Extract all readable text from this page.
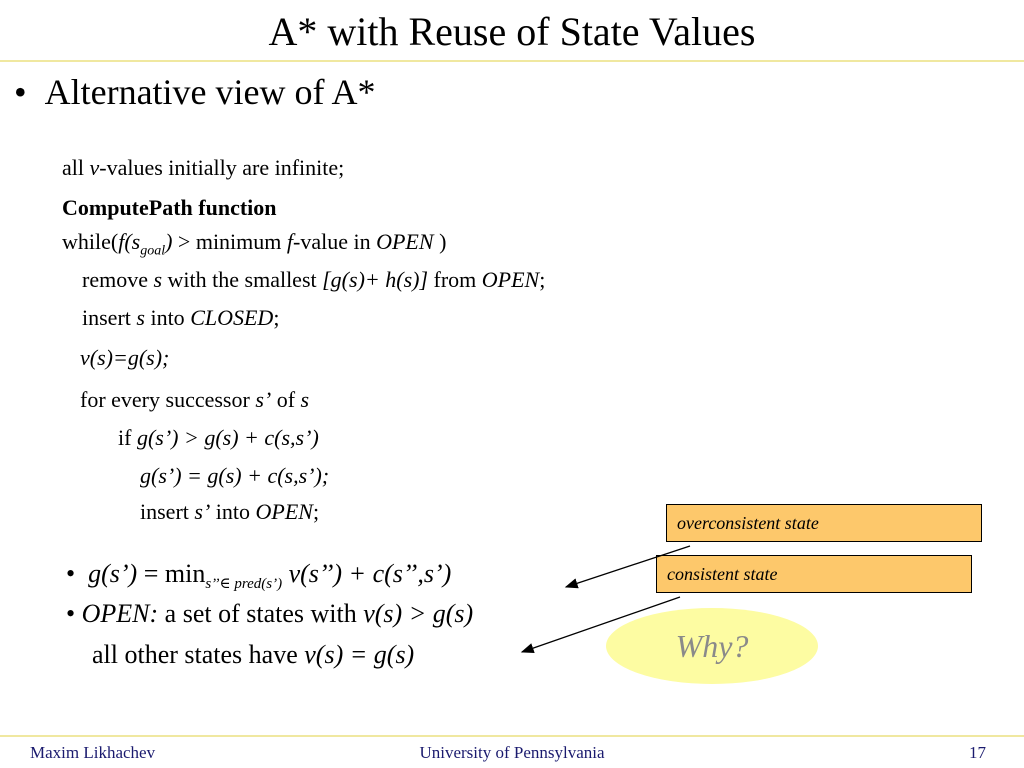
A* with Reuse of State Values
• Alternative view of A*
all v-values initially are infinite;
ComputePath function
$while(f(s_{goal})$ > minimum f-value in OPEN )
remove s with the smallest [g(s)+ h(s)] from OPEN;
insert s into CLOSED;
v(s)=g(s);
for every successor s’ of s
if g(s’) > g(s) + c(s,s’)
g(s’) = g(s) + c(s,s’);
insert s’ into OPEN;
• g(s’) = $\min_{s’’\in pred(s’)}$ v(s’’) + c(s’’,s’)
• OPEN: a set of states with v(s) > g(s)
all other states have v(s) = g(s)
overconsistent state
consistent state
Why?
Maxim Likhachev	University of Pennsylvania	17
